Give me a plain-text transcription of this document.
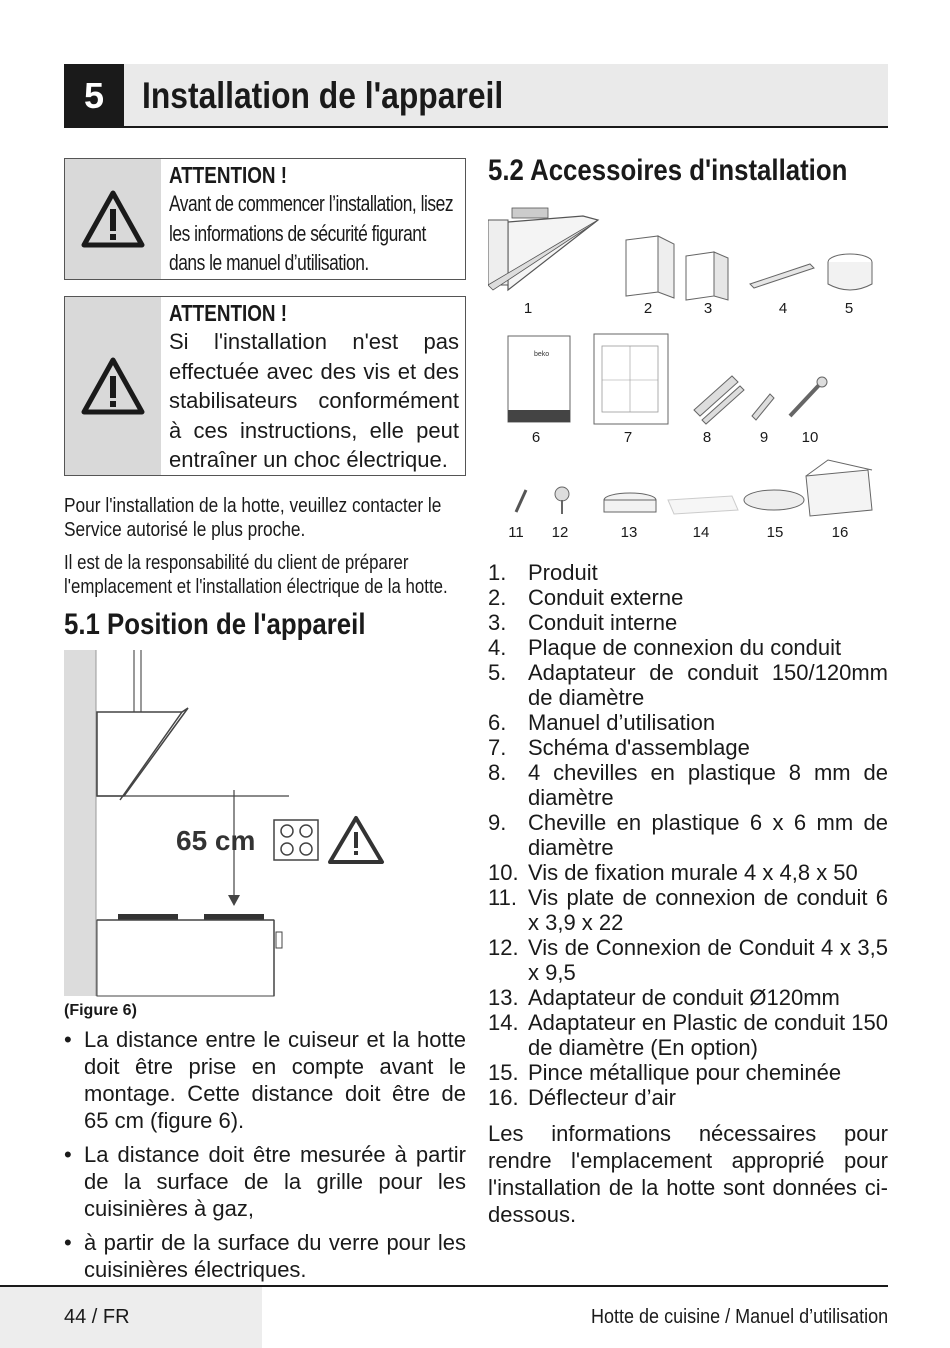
5	Installation de l'appareil
ATTENTION !
Avant de commencer l’installation, lisez les informations de sécurité figurant dans le manuel d’utilisation.
ATTENTION !
Si l'installation n'est pas effectuée avec des vis et des stabilisateurs conformément à ces instructions, elle peut entraîner un choc électrique.
Pour l'installation de la hotte, veuillez contacter le Service autorisé le plus proche.
Il est de la responsabilité du client de préparer l'emplacement et l'installation électrique de la hotte.
5.1 Position de l'appareil
65 cm
(Figure 6)
• La distance entre le cuiseur et la hotte doit être prise en compte avant le montage. Cette distance doit être de 65 cm (figure 6).
• La distance doit être mesurée à partir de la surface de la grille pour les cuisinières à gaz,
• à partir de la surface du verre pour les cuisinières électriques.
5.2 Accessoires d'installation
beko
1	2	3	4	5
6	7	8	9 10
11 12	13	14	15	16
1. Produit
2. Conduit externe
3. Conduit interne
4. Plaque de connexion du conduit
5. Adaptateur de conduit 150/120mm de diamètre
6. Manuel d’utilisation
7. Schéma d'assemblage
8. 4 chevilles en plastique 8 mm de diamètre
9. Cheville en plastique 6 x 6 mm de diamètre
10. Vis de fixation murale 4 x 4,8 x 50
11. Vis plate de connexion de conduit 6 x 3,9 x 22
12. Vis de Connexion de Conduit 4 x 3,5 x 9,5
13. Adaptateur de conduit Ø120mm
14. Adaptateur en Plastic de conduit 150 de diamètre (En option)
15. Pince métallique pour cheminée
16. Déflecteur d’air

Les informations nécessaires pour rendre l'emplacement approprié pour l'installation de la hotte sont données ci-dessous.

44 / FR	Hotte de cuisine / Manuel d’utilisation
